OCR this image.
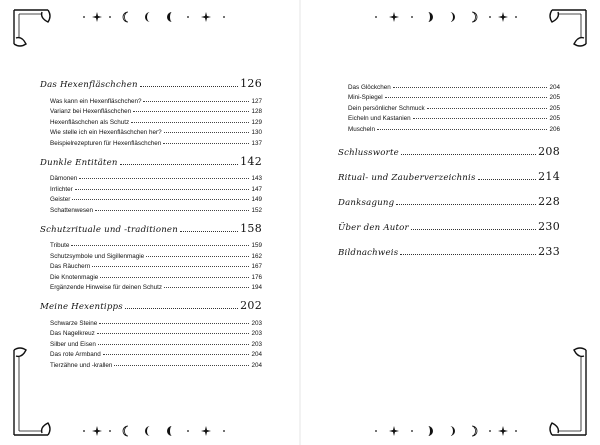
Das Hexenfläschchen	126
Was kann ein Hexenfläschchen?	127
Varianz bei Hexenfläschchen	128
Hexenfläschchen als Schutz	129
Wie stelle ich ein Hexenfläschchen her?	130
Beispielrezepturen für Hexenfläschchen	137
Dunkle Entitäten	142
Dämonen	143
Irrlichter	147
Geister	149
Schattenwesen	152
Schutzrituale und -traditionen	158
Tribute	159
Schutzsymbole und Sigillenmagie	162
Das Räuchern	167
Die Knotenmagie	176
Ergänzende Hinweise für deinen Schutz	194
Meine Hexentipps	202
Schwarze Steine	203
Das Nagelkreuz	203
Silber und Eisen	203
Das rote Armband	204
Tierzähne und -krallen	204
Das Glöckchen	204
Mini-Spiegel	205
Dein persönlicher Schmuck	205
Eicheln und Kastanien	205
Muscheln	206
Schlussworte	208
Ritual- und Zauberverzeichnis	214
Danksagung	228
Über den Autor	230
Bildnachweis	233
